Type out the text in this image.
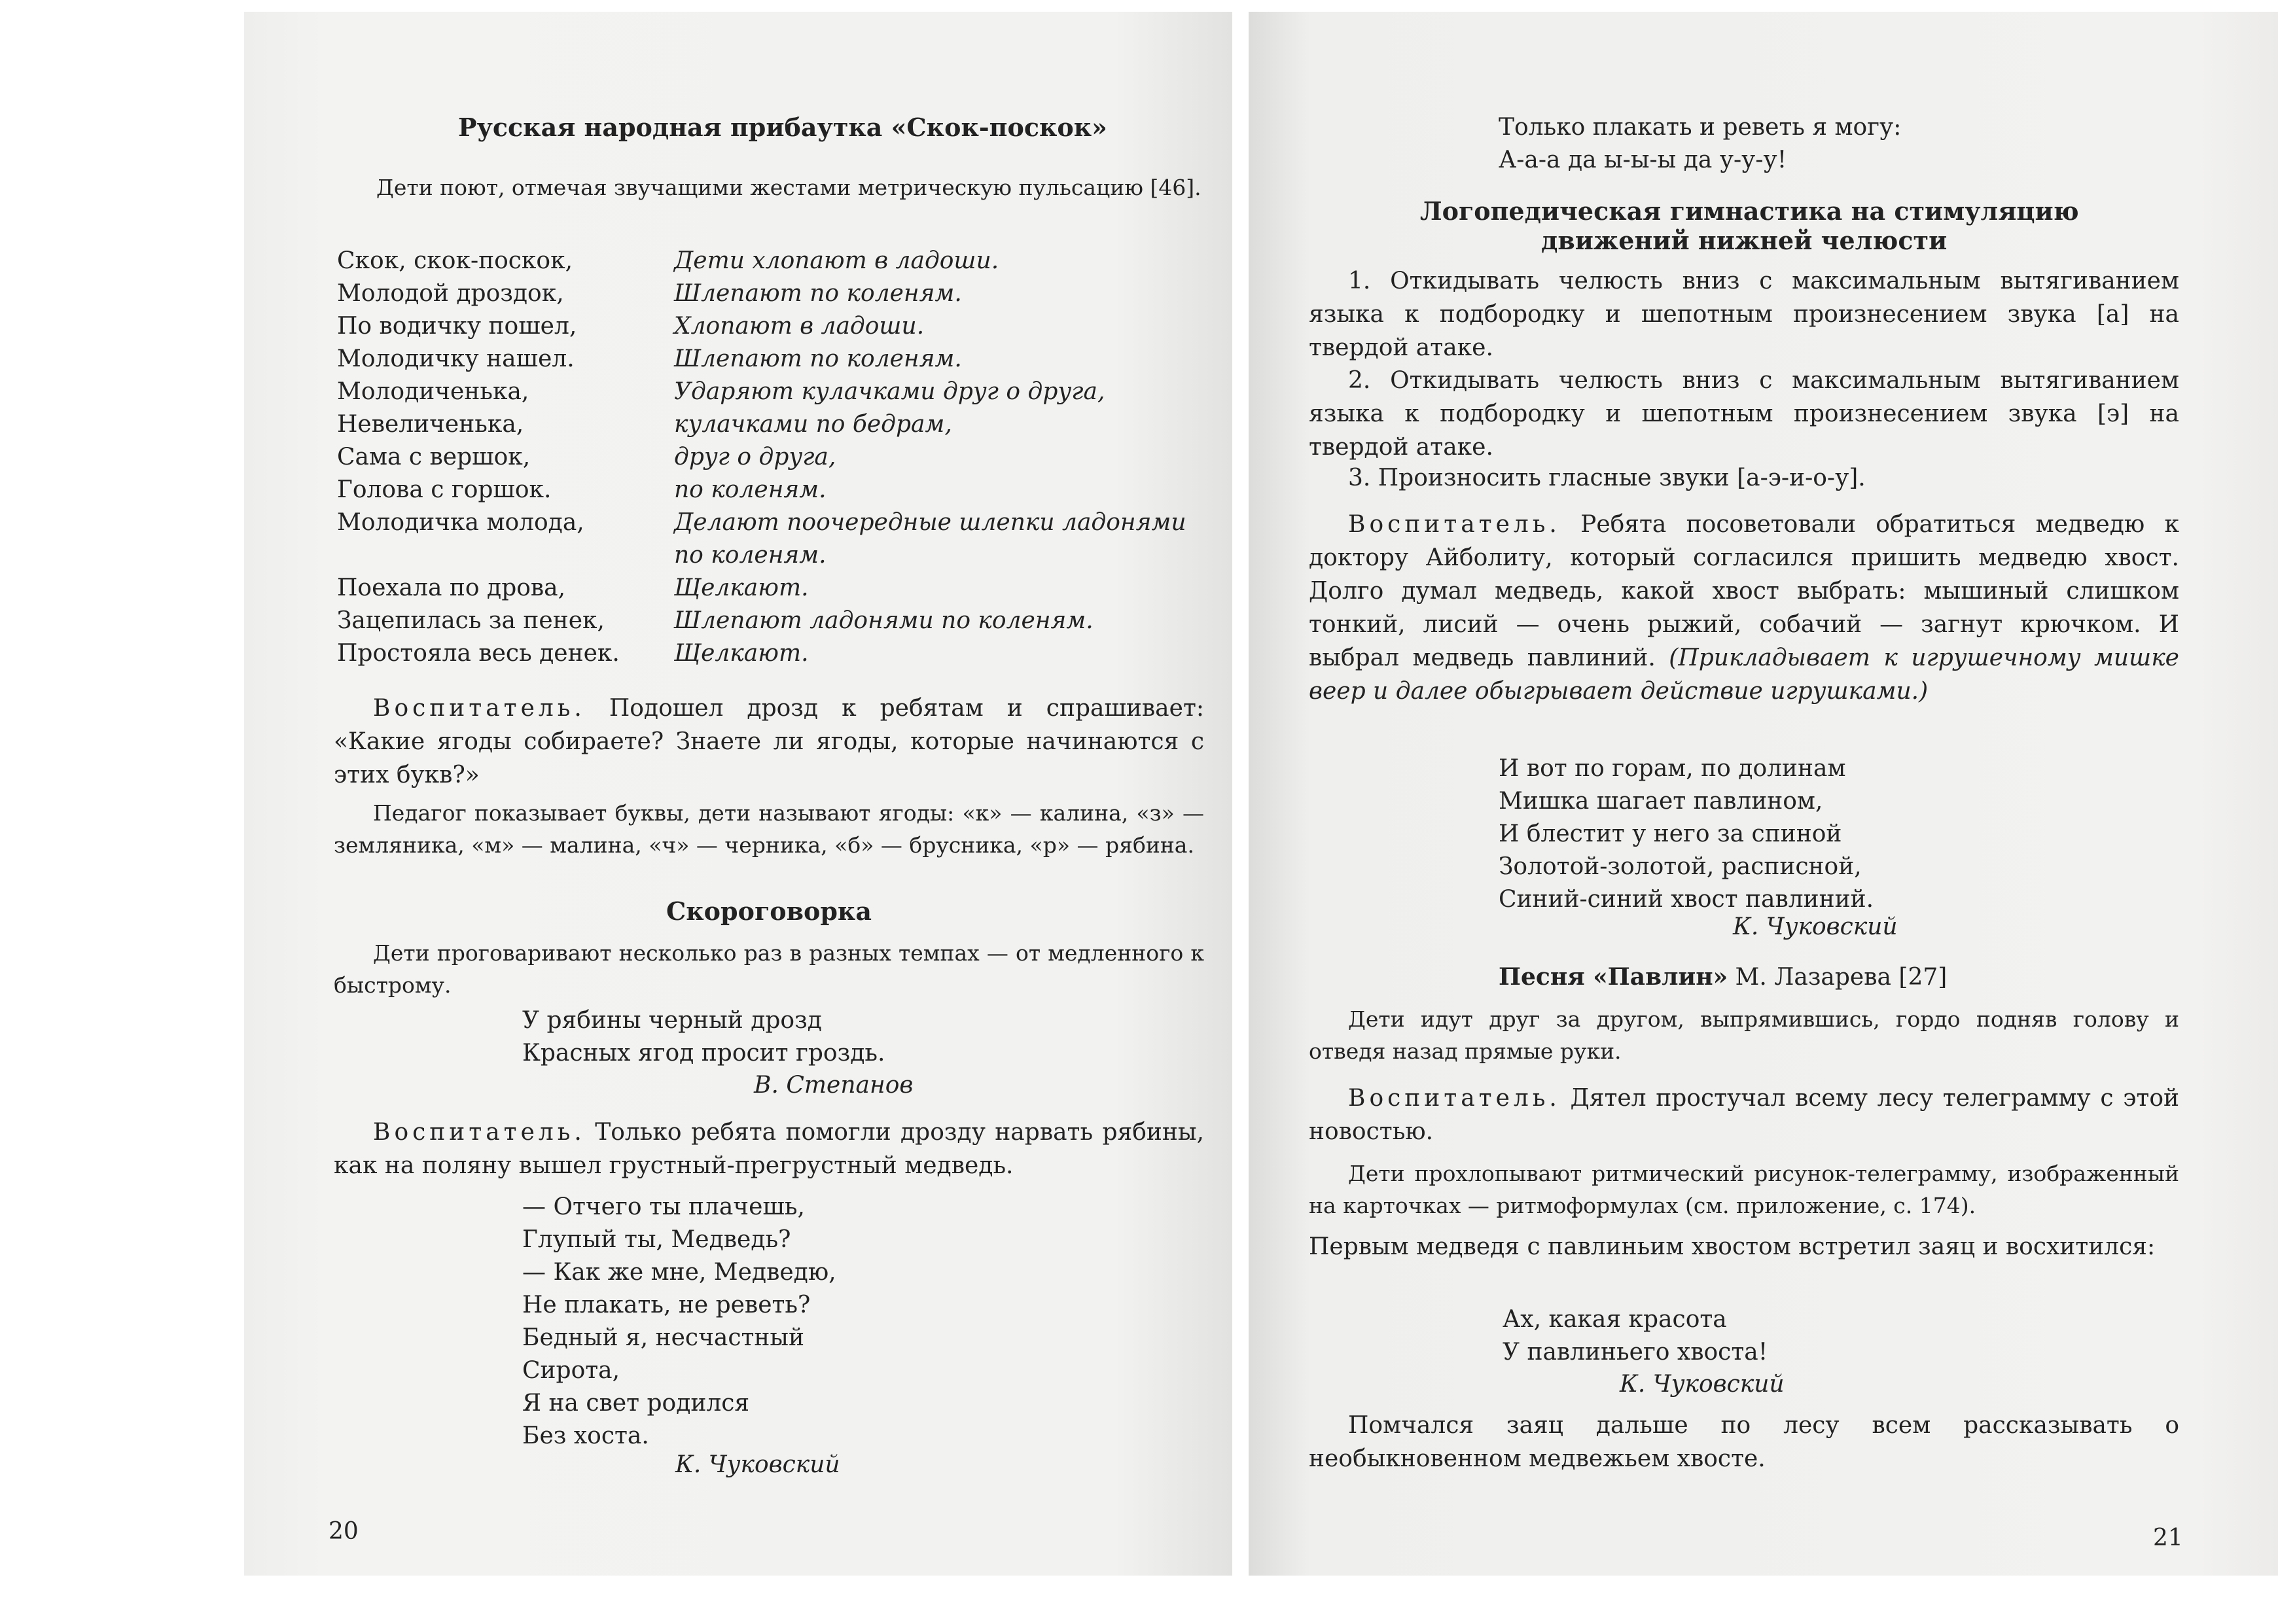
Русская народная прибаутка «Скок-поскок»

Дети поют, отмечая звучащими жестами метрическую пульсацию [46].

Скок, скок-поскок,
Молодой дроздок,
По водичку пошел,
Молодичку нашел.
Молодиченька,
Невеличенька,
Сама с вершок,
Голова с горшок.
Молодичка молода,

Поехала по дрова,
Зацепилась за пенек,
Простояла весь денек.
Дети хлопают в ладоши.
Шлепают по коленям.
Хлопают в ладоши.
Шлепают по коленям.
Ударяют кулачками друг о друга,
кулачками по бедрам,
друг о друга,
по коленям.
Делают поочередные шлепки ладонями
по коленям.
Щелкают.
Шлепают ладонями по коленям.
Щелкают.

Воспитатель. Подошел дрозд к ребятам и спрашивает: «Какие ягоды собираете? Знаете ли ягоды, которые начинаются с этих букв?»

Педагог показывает буквы, дети называют ягоды: «к» — калина, «з» — земляника, «м» — малина, «ч» — черника, «б» — брусника, «р» — рябина.

Скороговорка

Дети проговаривают несколько раз в разных темпах — от медленного к быстрому.

У рябины черный дрозд
Красных ягод просит гроздь.
В. Степанов

Воспитатель. Только ребята помогли дрозду нарвать рябины, как на поляну вышел грустный-прегрустный медведь.

— Отчего ты плачешь,
Глупый ты, Медведь?
— Как же мне, Медведю,
Не плакать, не реветь?
Бедный я, несчастный
Сирота,
Я на свет родился
Без хоста.
К. Чуковский
20
Только плакать и реветь я могу:
А-а-а да ы-ы-ы да у-у-у!
Логопедическая гимнастика на стимуляцию
движений нижней челюсти

1. Откидывать челюсть вниз с максимальным вытягиванием языка к подбородку и шепотным произнесением звука [а] на твердой атаке.

2. Откидывать челюсть вниз с максимальным вытягиванием языка к подбородку и шепотным произнесением звука [э] на твердой атаке.

3. Произносить гласные звуки [а-э-и-о-у].

Воспитатель. Ребята посоветовали обратиться медведю к доктору Айболиту, который согласился пришить медведю хвост. Долго думал медведь, какой хвост выбрать: мышиный слишком тонкий, лисий — очень рыжий, собачий — загнут крючком. И выбрал медведь павлиний. (Прикладывает к игрушечному мишке веер и далее обыгрывает действие игрушками.)

И вот по горам, по долинам
Мишка шагает павлином,
И блестит у него за спиной
Золотой-золотой, расписной,
Синий-синий хвост павлиний.
К. Чуковский
Песня «Павлин» М. Лазарева [27]

Дети идут друг за другом, выпрямившись, гордо подняв голову и отведя назад прямые руки.

Воспитатель. Дятел простучал всему лесу телеграмму с этой новостью.

Дети прохлопывают ритмический рисунок-телеграмму, изображенный на карточках — ритмоформулах (см. приложение, с. 174).

Первым медведя с павлиньим хвостом встретил заяц и восхитился:

Ах, какая красота
У павлиньего хвоста!
К. Чуковский

Помчался заяц дальше по лесу всем рассказывать о необыкновенном медвежьем хвосте.

21
